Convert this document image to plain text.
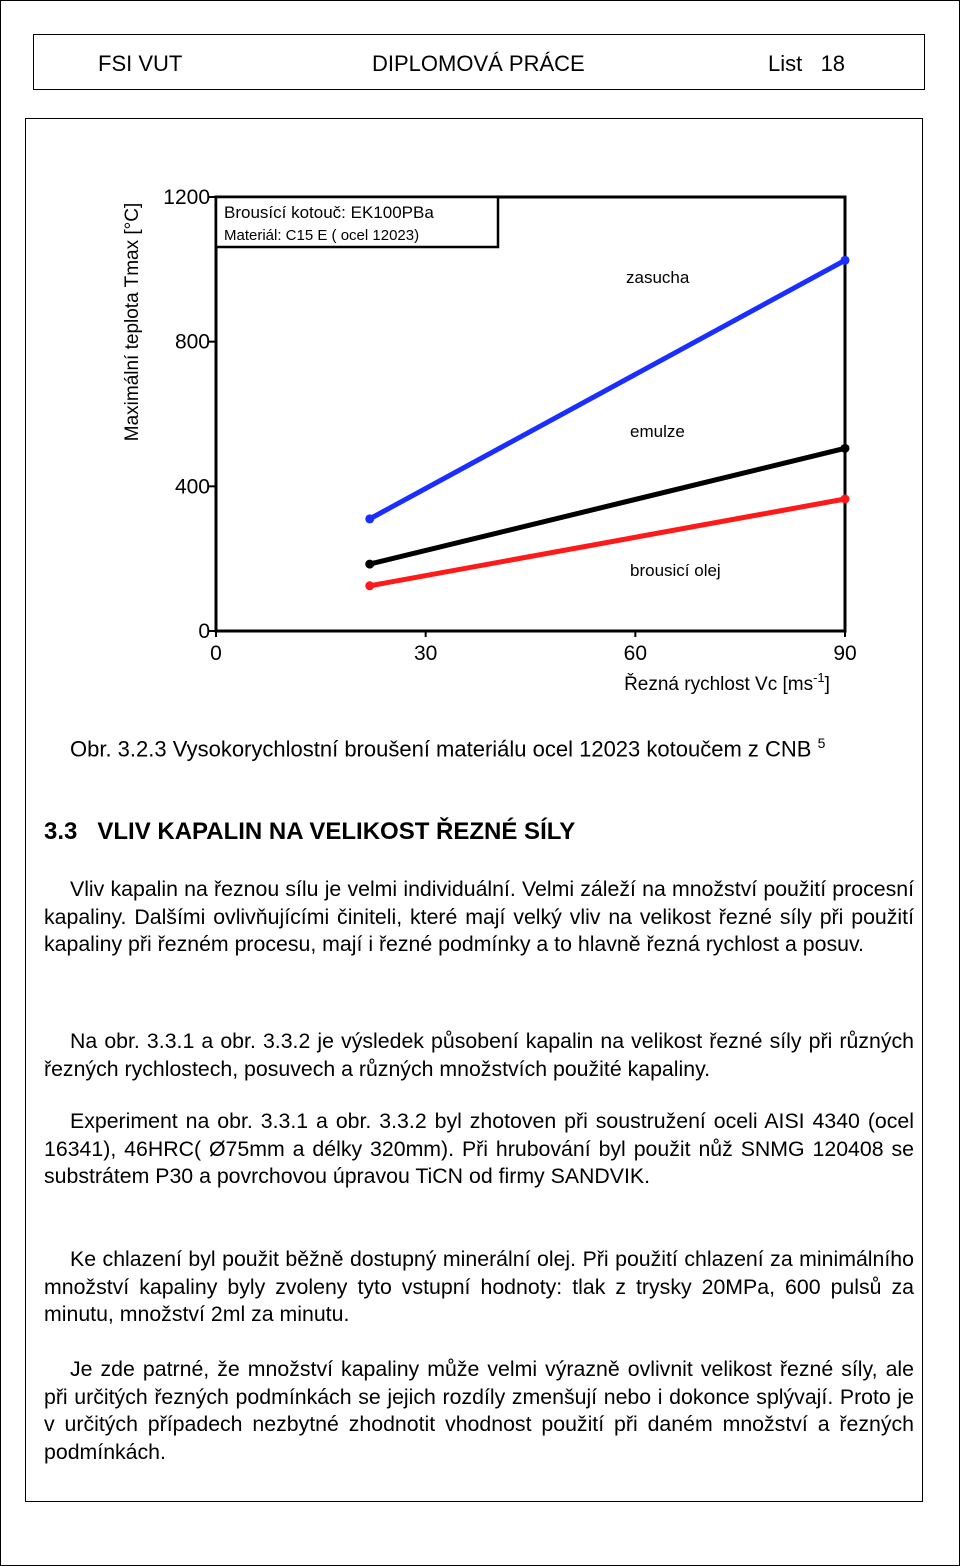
FSI VUT	DIPLOMOVÁ PRÁCE	List   18
Maximální teplota Tmax [°C]
0
400
800
1200
0	30	60	90
Brousící kotouč: EK100PBa
Materiál: C15 E ( ocel 12023)
zasucha
emulze
brousicí olej
Řezná rychlost Vc $[ms^{-1}]$
Obr. 3.2.3 Vysokorychlostní broušení materiálu ocel 12023 kotoučem z CNB $^5$
3.3   VLIV KAPALIN NA VELIKOST ŘEZNÉ SÍLY

Vliv kapalin na řeznou sílu je velmi individuální. Velmi záleží na množství použití procesní kapaliny. Dalšími ovlivňujícími činiteli, které mají velký vliv na velikost řezné síly při použití kapaliny při řezném procesu, mají i řezné podmínky a to hlavně řezná rychlost a posuv.

Na obr. 3.3.1 a obr. 3.3.2 je výsledek působení kapalin na velikost řezné síly při různých řezných rychlostech, posuvech a různých množstvích použité kapaliny.

Experiment na obr. 3.3.1 a obr. 3.3.2 byl zhotoven při soustružení oceli AISI 4340 (ocel 16341), 46HRC( Ø75mm a délky 320mm). Při hrubování byl použit nůž SNMG 120408 se substrátem P30 a povrchovou úpravou TiCN od firmy SANDVIK.

Ke chlazení byl použit běžně dostupný minerální olej. Při použití chlazení za minimálního množství kapaliny byly zvoleny tyto vstupní hodnoty: tlak z trysky 20MPa, 600 pulsů za minutu, množství 2ml za minutu.

Je zde patrné, že množství kapaliny může velmi výrazně ovlivnit velikost řezné síly, ale při určitých řezných podmínkách se jejich rozdíly zmenšují nebo i dokonce splývají. Proto je v určitých případech nezbytné zhodnotit vhodnost použití při daném množství a řezných podmínkách.
